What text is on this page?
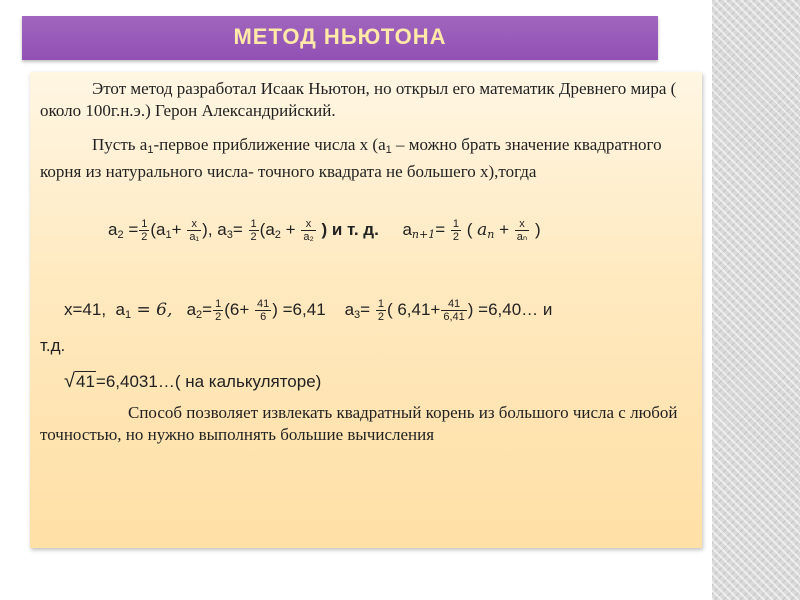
МЕТОД НЬЮТОНА

Этот метод разработал Исаак Ньютон, но открыл его математик Древнего мира ( около 100г.н.э.) Герон Александрийский.

Пусть $а_1$-первое приближение числа х ($а_1$ – можно брать значение квадратного корня из натурального числа- точного квадрата не большего х),тогда

$а_2 = \frac{1}{2} (а_1+ \frac{х}{\text{а₁}}$ ), $а_3= \frac{1}{2} (а_2 + \frac{х}{\text{а₂}}$ ) и т. д. $а_{n+1}= \frac{1}{2}$ ( $a_n + \frac{х}{\text{aₙ}}$ )
x=41, $а_1 = 6$, $а_2= \frac{1}{2} (6+ \frac{41}{6}$ ) =6,41 $а_3= \frac{1}{2}$ ( $6,41+ \frac{41}{6,41}$ ) =6,40… и
т.д.
√41=6,4031…( на калькуляторе)

Способ позволяет извлекать квадратный корень из большого числа с любой точностью, но нужно выполнять большие вычисления
